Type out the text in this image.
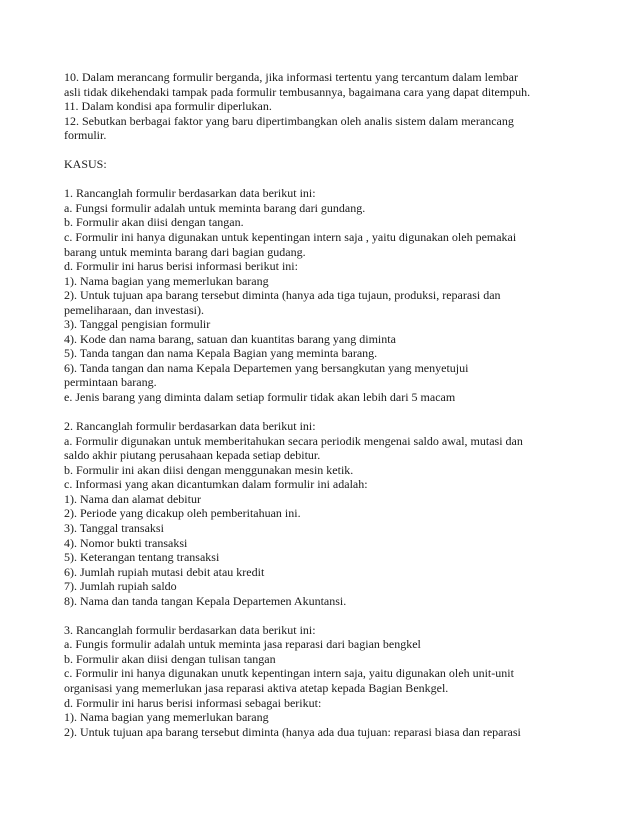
10. Dalam merancang formulir berganda, jika informasi tertentu yang tercantum dalam lembar
asli tidak dikehendaki tampak pada formulir tembusannya, bagaimana cara yang dapat ditempuh.
11. Dalam kondisi apa formulir diperlukan.
12. Sebutkan berbagai faktor yang baru dipertimbangkan oleh analis sistem dalam merancang
formulir.
KASUS:
1. Rancanglah formulir berdasarkan data berikut ini:
a. Fungsi formulir adalah untuk meminta barang dari gundang.
b. Formulir akan diisi dengan tangan.
c. Formulir ini hanya digunakan untuk kepentingan intern saja , yaitu digunakan oleh pemakai
barang untuk meminta barang dari bagian gudang.
d. Formulir ini harus berisi informasi berikut ini:
1). Nama bagian yang memerlukan barang
2). Untuk tujuan apa barang tersebut diminta (hanya ada tiga tujaun, produksi, reparasi dan
pemeliharaan, dan investasi).
3). Tanggal pengisian formulir
4). Kode dan nama barang, satuan dan kuantitas barang yang diminta
5). Tanda tangan dan nama Kepala Bagian yang meminta barang.
6). Tanda tangan dan nama Kepala Departemen yang bersangkutan yang menyetujui
permintaan barang.
e. Jenis barang yang diminta dalam setiap formulir tidak akan lebih dari 5 macam
2. Rancanglah formulir berdasarkan data berikut ini:
a. Formulir digunakan untuk memberitahukan secara periodik mengenai saldo awal, mutasi dan
saldo akhir piutang perusahaan kepada setiap debitur.
b. Formulir ini akan diisi dengan menggunakan mesin ketik.
c. Informasi yang akan dicantumkan dalam formulir ini adalah:
1). Nama dan alamat debitur
2). Periode yang dicakup oleh pemberitahuan ini.
3). Tanggal transaksi
4). Nomor bukti transaksi
5). Keterangan tentang transaksi
6). Jumlah rupiah mutasi debit atau kredit
7). Jumlah rupiah saldo
8). Nama dan tanda tangan Kepala Departemen Akuntansi.
3. Rancanglah formulir berdasarkan data berikut ini:
a. Fungis formulir adalah untuk meminta jasa reparasi dari bagian bengkel
b. Formulir akan diisi dengan tulisan tangan
c. Formulir ini hanya digunakan unutk kepentingan intern saja, yaitu digunakan oleh unit-unit
organisasi yang memerlukan jasa reparasi aktiva atetap kepada Bagian Benkgel.
d. Formulir ini harus berisi informasi sebagai berikut:
1). Nama bagian yang memerlukan barang
2). Untuk tujuan apa barang tersebut diminta (hanya ada dua tujuan: reparasi biasa dan reparasi
